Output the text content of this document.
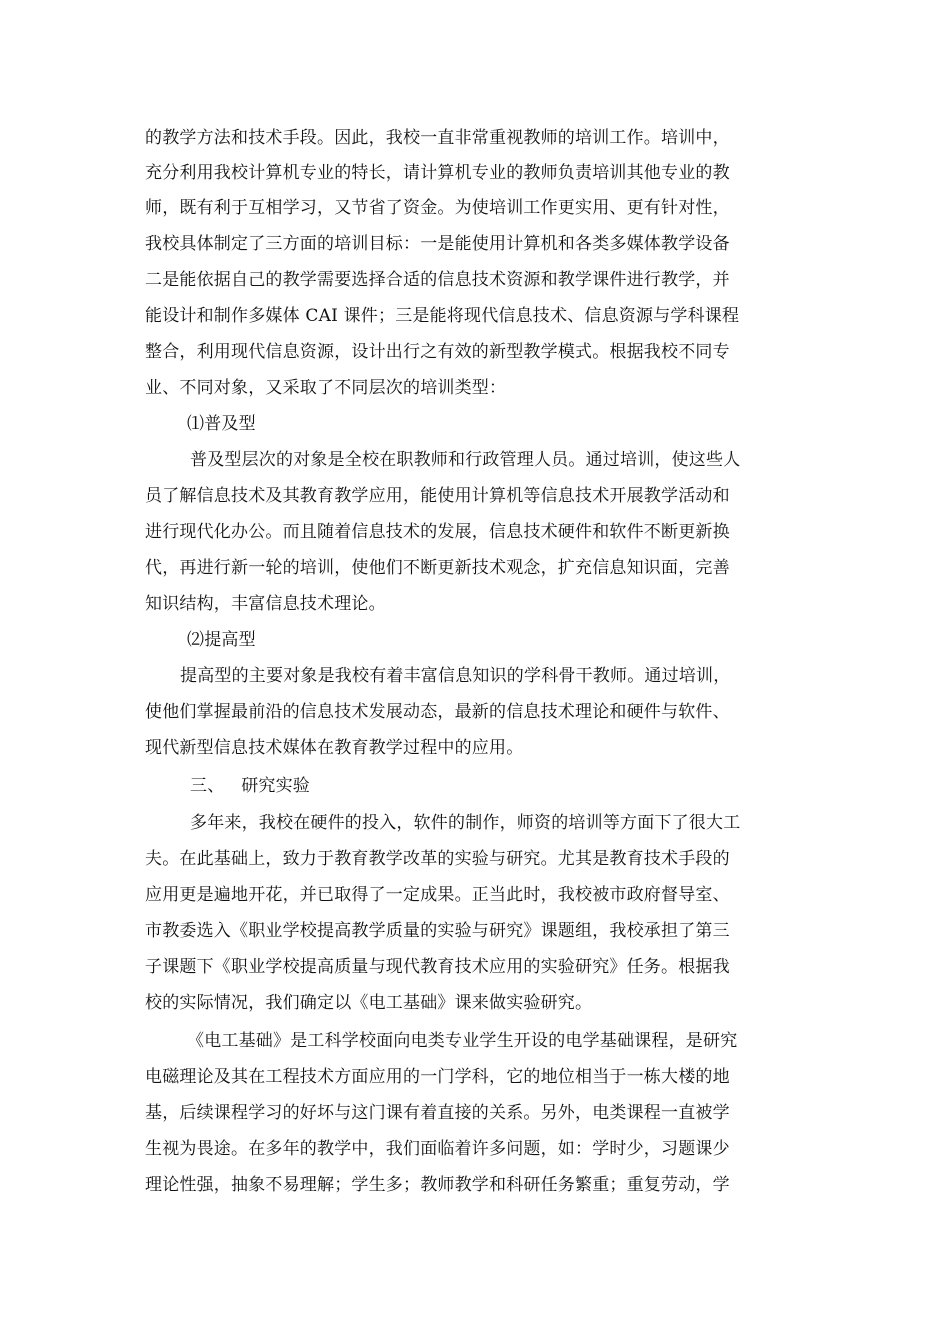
的教学方法和技术手段。因此，我校一直非常重视教师的培训工作。培训中，
充分利用我校计算机专业的特长，请计算机专业的教师负责培训其他专业的教
师，既有利于互相学习，又节省了资金。为使培训工作更实用、更有针对性，
我校具体制定了三方面的培训目标：一是能使用计算机和各类多媒体教学设备
二是能依据自己的教学需要选择合适的信息技术资源和教学课件进行教学，并
能设计和制作多媒体 CAI 课件；三是能将现代信息技术、信息资源与学科课程
整合，利用现代信息资源，设计出行之有效的新型教学模式。根据我校不同专
业、不同对象，又采取了不同层次的培训类型：
⑴普及型
普及型层次的对象是全校在职教师和行政管理人员。通过培训，使这些人
员了解信息技术及其教育教学应用，能使用计算机等信息技术开展教学活动和
进行现代化办公。而且随着信息技术的发展，信息技术硬件和软件不断更新换
代，再进行新一轮的培训，使他们不断更新技术观念，扩充信息知识面，完善
知识结构，丰富信息技术理论。
⑵提高型
提高型的主要对象是我校有着丰富信息知识的学科骨干教师。通过培训，
使他们掌握最前沿的信息技术发展动态，最新的信息技术理论和硬件与软件、
现代新型信息技术媒体在教育教学过程中的应用。
三、   研究实验
多年来，我校在硬件的投入，软件的制作，师资的培训等方面下了很大工
夫。在此基础上，致力于教育教学改革的实验与研究。尤其是教育技术手段的
应用更是遍地开花，并已取得了一定成果。正当此时，我校被市政府督导室、
市教委选入《职业学校提高教学质量的实验与研究》课题组，我校承担了第三
子课题下《职业学校提高质量与现代教育技术应用的实验研究》任务。根据我
校的实际情况，我们确定以《电工基础》课来做实验研究。
《电工基础》是工科学校面向电类专业学生开设的电学基础课程，是研究
电磁理论及其在工程技术方面应用的一门学科，它的地位相当于一栋大楼的地
基，后续课程学习的好坏与这门课有着直接的关系。另外，电类课程一直被学
生视为畏途。在多年的教学中，我们面临着许多问题，如：学时少，习题课少
理论性强，抽象不易理解；学生多；教师教学和科研任务繁重；重复劳动，学
